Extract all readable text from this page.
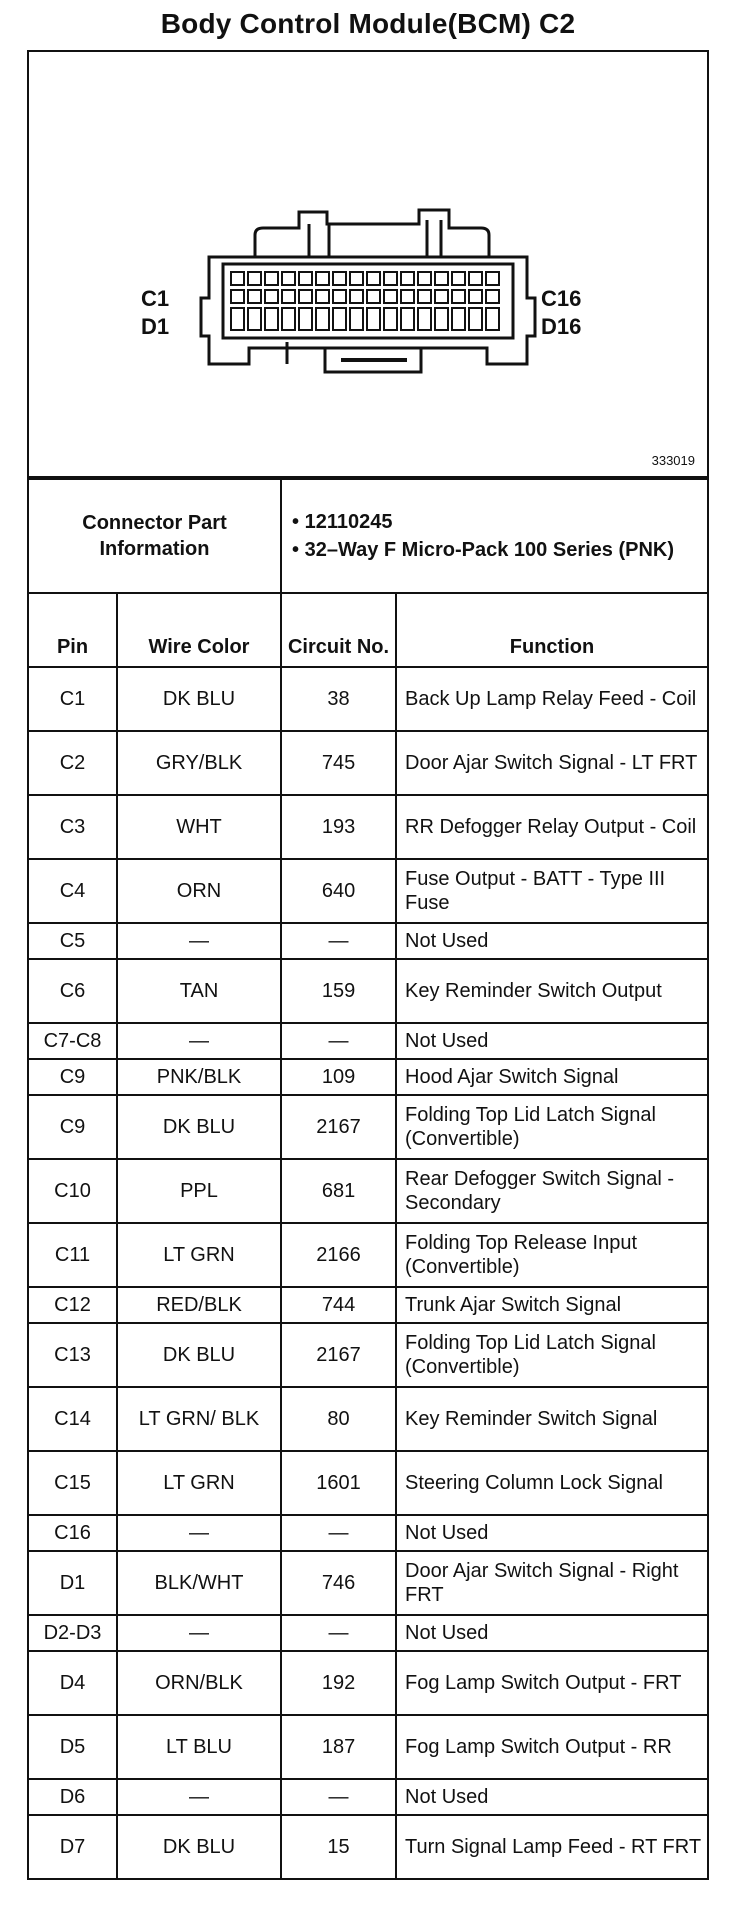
Body Control Module(BCM) C2
C1
D1
C16
D16
333019
Connector Part Information		• 12110245
• 32–Way F Micro-Pack 100 Series (PNK)	

Pin	Wire Color	Circuit No.	Function
C1	DK BLU	38	Back Up Lamp Relay Feed - Coil
C2	GRY/BLK	745	Door Ajar Switch Signal - LT FRT
C3	WHT	193	RR Defogger Relay Output - Coil
C4	ORN	640	Fuse Output - BATT - Type III Fuse
C5	—	—	Not Used
C6	TAN	159	Key Reminder Switch Output
C7-C8	—	—	Not Used
C9	PNK/BLK	109	Hood Ajar Switch Signal
C9	DK BLU	2167	Folding Top Lid Latch Signal (Convertible)
C10	PPL	681	Rear Defogger Switch Signal - Secondary
C11	LT GRN	2166	Folding Top Release Input (Convertible)
C12	RED/BLK	744	Trunk Ajar Switch Signal
C13	DK BLU	2167	Folding Top Lid Latch Signal (Convertible)
C14	LT GRN/ BLK	80	Key Reminder Switch Signal
C15	LT GRN	1601	Steering Column Lock Signal
C16	—	—	Not Used
D1	BLK/WHT	746	Door Ajar Switch Signal - Right FRT
D2-D3	—	—	Not Used
D4	ORN/BLK	192	Fog Lamp Switch Output - FRT
D5	LT BLU	187	Fog Lamp Switch Output - RR
D6	—	—	Not Used
D7	DK BLU	15	Turn Signal Lamp Feed - RT FRT
